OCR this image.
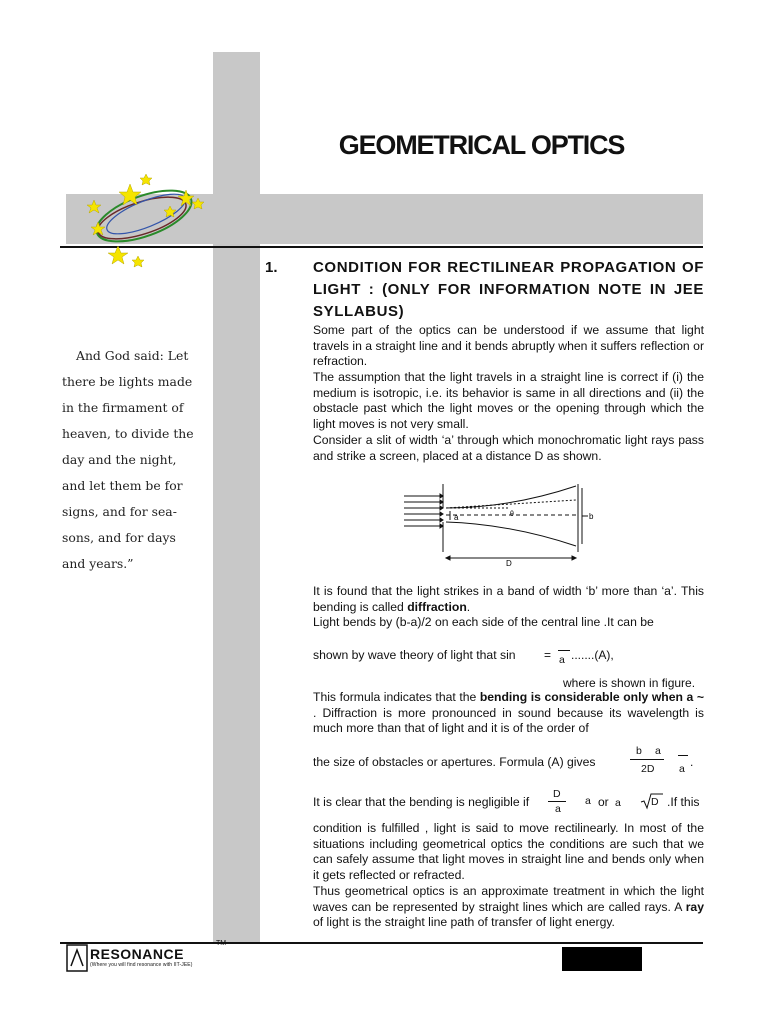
GEOMETRICAL OPTICS
And God said: Let
there be lights made
in the firmament of
heaven, to divide the
day and the night,
and let them be for
signs, and for sea-
sons, and for days
and years.”
1. CONDITION FOR RECTILINEAR PROPAGATION OF LIGHT : (ONLY FOR INFORMATION NOTE IN JEE SYLLABUS)
Some part of the optics can be understood if we assume that light travels in a straight line and it bends abruptly when it suffers reflection or refraction.
The assumption that the light travels in a straight line is correct if (i) the medium is isotropic, i.e. its behavior is same in all directions and (ii) the obstacle past which the light moves or the opening through which the light moves is not very small.
Consider a slit of width ‘a’ through which monochromatic light rays pass and strike a screen, placed at a distance D as shown.
a	θ	b
D
It is found that the light strikes in a band of width ‘b’ more than ‘a’. This bending is called diffraction.
Light bends by (b-a)/2 on each side of the central line .It can be
shown by wave theory of light that sin = a .......(A),
where is shown in figure.
This formula indicates that the bending is considerable only when a ~ . Diffraction is more pronounced in sound because its wavelength is much more than that of light and it is of the order of
the size of obstacles or apertures. Formula (A) gives
b a
2D a .
It is clear that the bending is negligible if
D
a
a or a	D .If this
condition is fulfilled , light is said to move rectilinearly. In most of the situations including geometrical optics the conditions are such that we can safely assume that light moves in straight line and bends only when it gets reflected or refracted.
Thus geometrical optics is an approximate treatment in which the light waves can be represented by straight lines which are called rays. A ray of light is the straight line path of transfer of light energy.
RESONANCE
(Where you will find resonance with IIT-JEE)
TM
